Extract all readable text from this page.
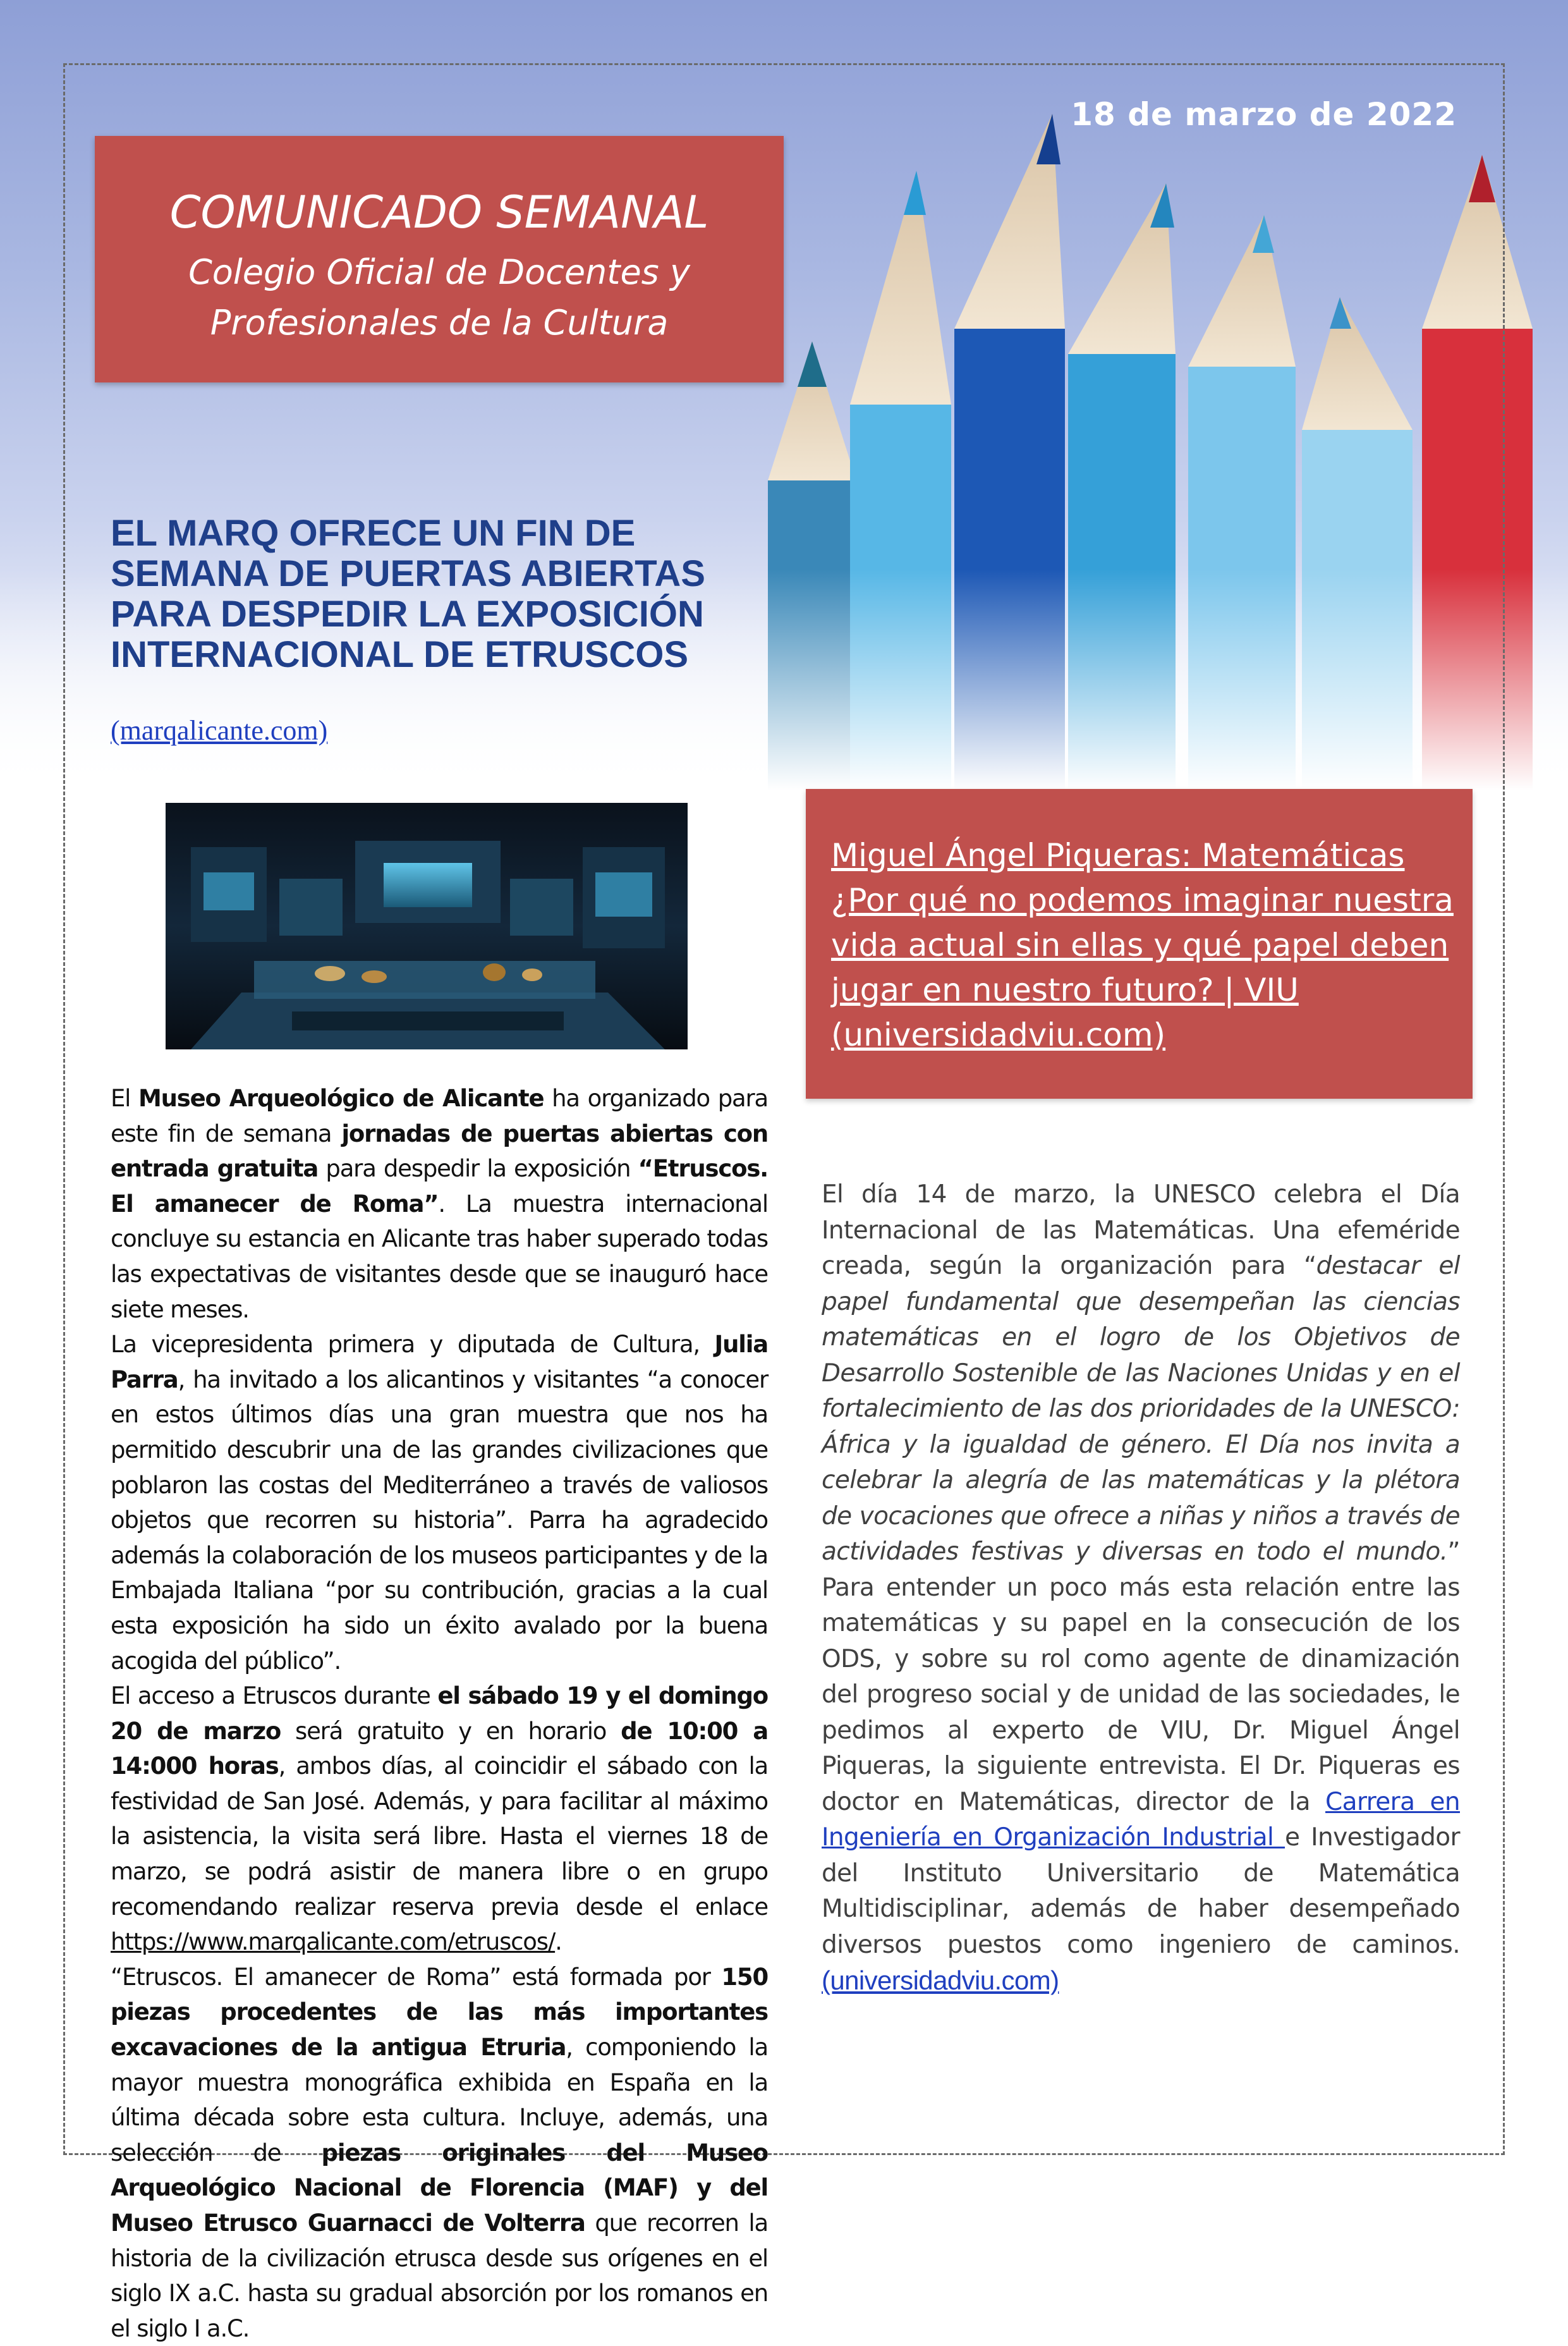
18 de marzo de 2022
COMUNICADO SEMANAL
Colegio Oficial de Docentes y
Profesionales de la Cultura
EL MARQ OFRECE UN FIN DE
SEMANA DE PUERTAS ABIERTAS
PARA DESPEDIR LA EXPOSICIÓN
INTERNACIONAL DE ETRUSCOS
(marqalicante.com)

El Museo Arqueológico de Alicante ha organizado para este fin de semana jornadas de puertas abiertas con entrada gratuita para despedir la exposición “Etruscos. El amanecer de Roma”. La muestra internacional concluye su estancia en Alicante tras haber superado todas las expectativas de visitantes desde que se inauguró hace siete meses.

La vicepresidenta primera y diputada de Cultura, Julia Parra, ha invitado a los alicantinos y visitantes “a conocer en estos últimos días una gran muestra que nos ha permitido descubrir una de las grandes civilizaciones que poblaron las costas del Mediterráneo a través de valiosos objetos que recorren su historia”. Parra ha agradecido además la colaboración de los museos participantes y de la Embajada Italiana “por su contribución, gracias a la cual esta exposición ha sido un éxito avalado por la buena acogida del público”.

El acceso a Etruscos durante el sábado 19 y el domingo 20 de marzo será gratuito y en horario de 10:00 a 14:000 horas, ambos días, al coincidir el sábado con la festividad de San José. Además, y para facilitar al máximo la asistencia, la visita será libre. Hasta el viernes 18 de marzo, se podrá asistir de manera libre o en grupo recomendando realizar reserva previa desde el enlace https://www.marqalicante.com/etruscos/.

“Etruscos. El amanecer de Roma” está formada por 150 piezas procedentes de las más importantes excavaciones de la antigua Etruria, componiendo la mayor muestra monográfica exhibida en España en la última década sobre esta cultura. Incluye, además, una selección de piezas originales del Museo Arqueológico Nacional de Florencia (MAF) y del Museo Etrusco Guarnacci de Volterra que recorren la historia de la civilización etrusca desde sus orígenes en el siglo IX a.C. hasta su gradual absorción por los romanos en el siglo I a.C.

Miguel Ángel Piqueras: Matemáticas
¿Por qué no podemos imaginar nuestra
vida actual sin ellas y qué papel deben
jugar en nuestro futuro? | VIU
(universidadviu.com)

El día 14 de marzo, la UNESCO celebra el Día Internacional de las Matemáticas. Una efeméride creada, según la organización para “destacar el papel fundamental que desempeñan las ciencias matemáticas en el logro de los Objetivos de Desarrollo Sostenible de las Naciones Unidas y en el fortalecimiento de las dos prioridades de la UNESCO: África y la igualdad de género. El Día nos invita a celebrar la alegría de las matemáticas y la plétora de vocaciones que ofrece a niñas y niños a través de actividades festivas y diversas en todo el mundo.” Para entender un poco más esta relación entre las matemáticas y su papel en la consecución de los ODS, y sobre su rol como agente de dinamización del progreso social y de unidad de las sociedades, le pedimos al experto de VIU, Dr. Miguel Ángel Piqueras, la siguiente entrevista. El Dr. Piqueras es doctor en Matemáticas, director de la Carrera en Ingeniería en Organización Industrial e Investigador del Instituto Universitario de Matemática Multidisciplinar, además de haber desempeñado diversos puestos como ingeniero de caminos. (universidadviu.com)
